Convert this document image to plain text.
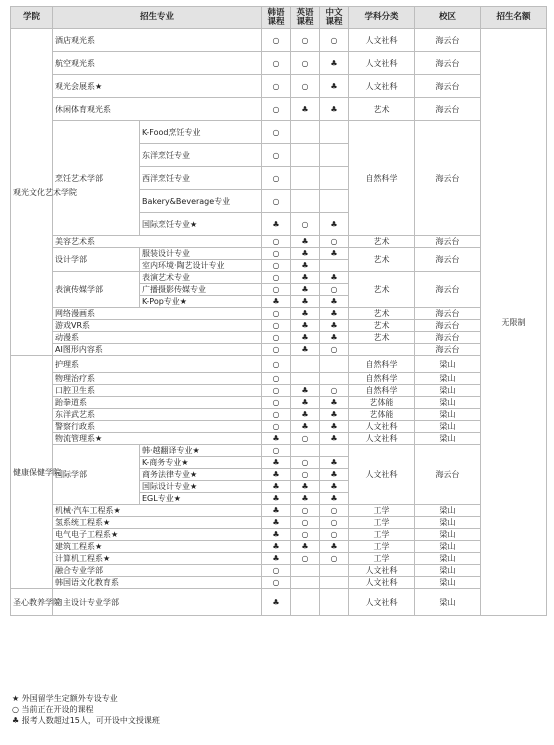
学院	招生专业		韩语课程	英语课程	中文课程	学科分类	校区	招生名额
观光文化艺术学院	酒店观光系		○	○	○	人文社科	海云台	无限制
	航空观光系		○	○	♣	人文社科	海云台	
	观光会展系★		○	○	♣	人文社科	海云台	
	休闲体育观光系		○	♣	♣	艺术	海云台	
	烹饪艺术学部	K-Food烹饪专业	○			自然科学	海云台	
		东洋烹饪专业	○					
		西洋烹饪专业	○					
		Bakery&Beverage专业	○					
		国际烹饪专业★	♣	○	♣			
	美容艺术系		○	♣	○	艺术	海云台	
	设计学部	服装设计专业	○	♣	♣	艺术	海云台	
		室内环境·陶艺设计专业	○	♣				
	表演传媒学部	表演艺术专业	○	♣	♣	艺术	海云台	
		广播摄影传媒专业	○	♣	○			
		K-Pop专业★	♣	♣	♣			
	网络漫画系		○	♣	♣	艺术	海云台	
	游戏VR系		○	♣	♣	艺术	海云台	
	动漫系		○	♣	♣	艺术	海云台	
	AI图形内容系		○	♣	○		海云台	
健康保健学院	护理系		○			自然科学	梁山	
	物理治疗系		○			自然科学	梁山	
	口腔卫生系		○	♣	○	自然科学	梁山	
	跆拳道系		○	♣	♣	艺体能	梁山	
	东洋武艺系		○	♣	♣	艺体能	梁山	
	警察行政系		○	♣	♣	人文社科	梁山	
	物流管理系★		♣	○	♣	人文社科	梁山	
	国际学部	韩·越翻译专业★	○			人文社科	海云台	
		K-商务专业★	♣	○	♣			
		商务法律专业★	♣	○	♣			
		国际设计专业★	♣	♣	♣			
		EGL专业★	♣	♣	♣			
	机械·汽车工程系★		♣	○	○	工学	梁山	
	氢系统工程系★		♣	○	○	工学	梁山	
	电气电子工程系★		♣	○	○	工学	梁山	
	建筑工程系★		♣	♣	♣	工学	梁山	
	计算机工程系★		♣	○	○	工学	梁山	
	融合专业学部		○			人文社科	梁山	
	韩国语文化教育系		○			人文社科	梁山	
圣心教养学院	自主设计专业学部		♣			人文社科	梁山	
★ 外国留学生定额外专设专业
○ 当前正在开设的课程
♣ 报考人数超过15人，可开设中文授课班
